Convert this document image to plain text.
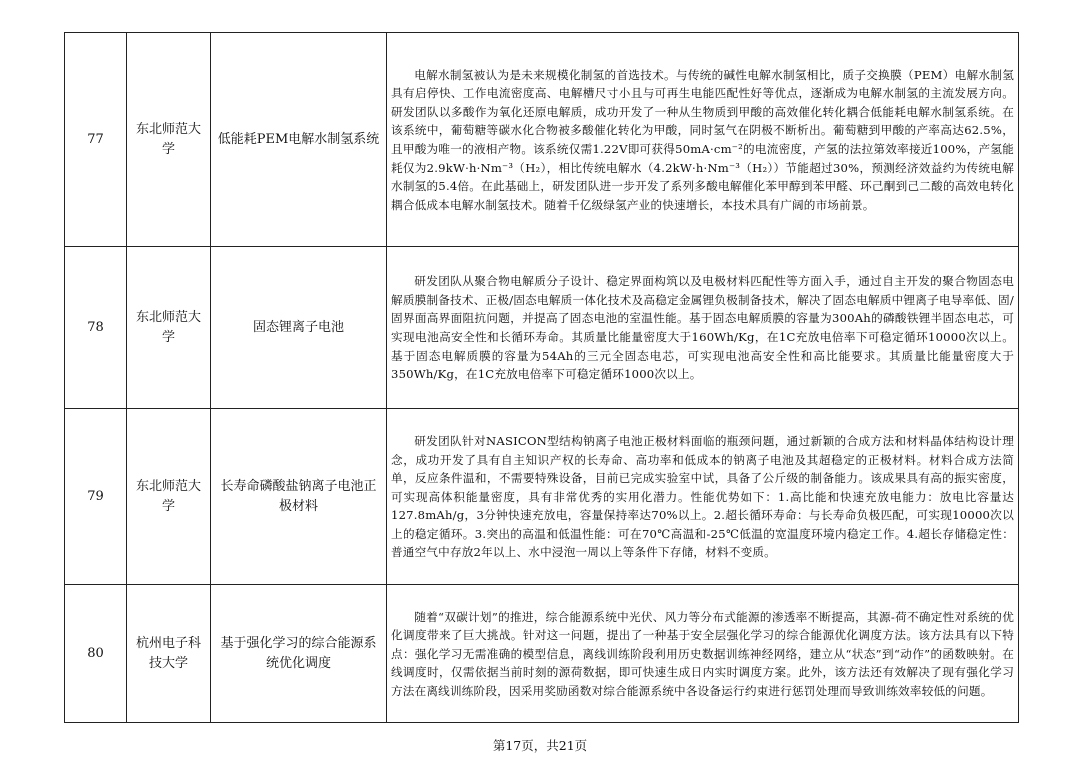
77	东北师范大学	低能耗PEM电解水制氢系统	电解水制氢被认为是未来规模化制氢的首选技术。与传统的碱性电解水制氢相比，质子交换膜（PEM）电解水制氢具有启停快、工作电流密度高、电解槽尺寸小且与可再生电能匹配性好等优点，逐渐成为电解水制氢的主流发展方向。研发团队以多酸作为氧化还原电解质，成功开发了一种从生物质到甲酸的高效催化转化耦合低能耗电解水制氢系统。在该系统中，葡萄糖等碳水化合物被多酸催化转化为甲酸，同时氢气在阴极不断析出。葡萄糖到甲酸的产率高达62.5%，且甲酸为唯一的液相产物。该系统仅需1.22V即可获得50mA·cm⁻²的电流密度，产氢的法拉第效率接近100%，产氢能耗仅为2.9kW·h·Nm⁻³（H₂），相比传统电解水（4.2kW·h·Nm⁻³（H₂））节能超过30%，预测经济效益约为传统电解水制氢的5.4倍。在此基础上，研发团队进一步开发了系列多酸电解催化苯甲醇到苯甲醛、环己酮到己二酸的高效电转化耦合低成本电解水制氢技术。随着千亿级绿氢产业的快速增长，本技术具有广阔的市场前景。
78	东北师范大学	固态锂离子电池	研发团队从聚合物电解质分子设计、稳定界面构筑以及电极材料匹配性等方面入手，通过自主开发的聚合物固态电解质膜制备技术、正极/固态电解质一体化技术及高稳定金属锂负极制备技术，解决了固态电解质中锂离子电导率低、固/固界面高界面阻抗问题，并提高了固态电池的室温性能。基于固态电解质膜的容量为300Ah的磷酸铁锂半固态电芯，可实现电池高安全性和长循环寿命。其质量比能量密度大于160Wh/Kg，在1C充放电倍率下可稳定循环10000次以上。基于固态电解质膜的容量为54Ah的三元全固态电芯，可实现电池高安全性和高比能要求。其质量比能量密度大于350Wh/Kg，在1C充放电倍率下可稳定循环1000次以上。
79	东北师范大学	长寿命磷酸盐钠离子电池正极材料	研发团队针对NASICON型结构钠离子电池正极材料面临的瓶颈问题，通过新颖的合成方法和材料晶体结构设计理念，成功开发了具有自主知识产权的长寿命、高功率和低成本的钠离子电池及其超稳定的正极材料。材料合成方法简单，反应条件温和，不需要特殊设备，目前已完成实验室中试，具备了公斤级的制备能力。该成果具有高的振实密度，可实现高体积能量密度，具有非常优秀的实用化潜力。性能优势如下：1.高比能和快速充放电能力：放电比容量达127.8mAh/g，3分钟快速充放电，容量保持率达70%以上。2.超长循环寿命：与长寿命负极匹配，可实现10000次以上的稳定循环。3.突出的高温和低温性能：可在70℃高温和-25℃低温的宽温度环境内稳定工作。4.超长存储稳定性：普通空气中存放2年以上、水中浸泡一周以上等条件下存储，材料不变质。
80	杭州电子科技大学	基于强化学习的综合能源系统优化调度	随着“双碳计划”的推进，综合能源系统中光伏、风力等分布式能源的渗透率不断提高，其源-荷不确定性对系统的优化调度带来了巨大挑战。针对这一问题，提出了一种基于安全层强化学习的综合能源优化调度方法。该方法具有以下特点：强化学习无需准确的模型信息，离线训练阶段利用历史数据训练神经网络，建立从“状态”到“动作”的函数映射。在线调度时，仅需依据当前时刻的源荷数据，即可快速生成日内实时调度方案。此外，该方法还有效解决了现有强化学习方法在离线训练阶段，因采用奖励函数对综合能源系统中各设备运行约束进行惩罚处理而导致训练效率较低的问题。
第17页，共21页
